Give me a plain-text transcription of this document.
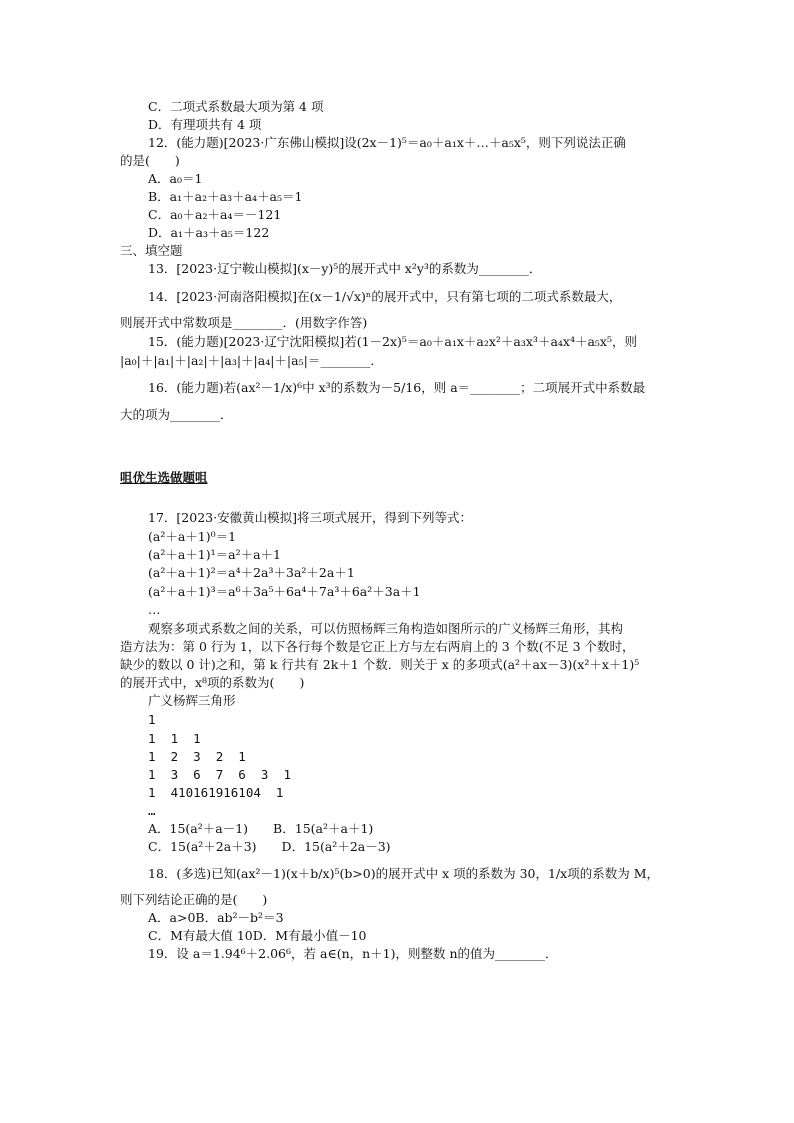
C．二项式系数最大项为第 4 项
D．有理项共有 4 项
12．(能力题)[2023·广东佛山模拟]设(2x－1)⁵＝a₀＋a₁x＋…＋a₅x⁵，则下列说法正确
的是(　　)
A．a₀＝1
B．a₁＋a₂＋a₃＋a₄＋a₅＝1
C．a₀＋a₂＋a₄＝－121
D．a₁＋a₃＋a₅＝122
三、填空题
13．[2023·辽宁鞍山模拟](x－y)⁵的展开式中 x²y³的系数为________．
14．[2023·河南洛阳模拟]在(x－1/√x)ⁿ的展开式中，只有第七项的二项式系数最大，
则展开式中常数项是________．(用数字作答)
15．(能力题)[2023·辽宁沈阳模拟]若(1－2x)⁵＝a₀＋a₁x＋a₂x²＋a₃x³＋a₄x⁴＋a₅x⁵，则
|a₀|＋|a₁|＋|a₂|＋|a₃|＋|a₄|＋|a₅|＝________．
16．(能力题)若(ax²－1/x)⁶中 x³的系数为－5/16，则 a＝________；二项展开式中系数最
大的项为________．
咀优生选做题咀
17．[2023·安徽黄山模拟]将三项式展开，得到下列等式：
(a²＋a＋1)⁰＝1
(a²＋a＋1)¹＝a²＋a＋1
(a²＋a＋1)²＝a⁴＋2a³＋3a²＋2a＋1
(a²＋a＋1)³＝a⁶＋3a⁵＋6a⁴＋7a³＋6a²＋3a＋1
…
观察多项式系数之间的关系，可以仿照杨辉三角构造如图所示的广义杨辉三角形，其构
造方法为：第 0 行为 1，以下各行每个数是它正上方与左右两肩上的 3 个数(不足 3 个数时，
缺少的数以 0 计)之和，第 k 行共有 2k＋1 个数．则关于 x 的多项式(a²＋ax－3)(x²＋x＋1)⁵
的展开式中，x⁸项的系数为(　　)
广义杨辉三角形
1
1  1  1
1  2  3  2  1
1  3  6  7  6  3  1
1  410161916104  1
…
A．15(a²＋a－1)　　B．15(a²＋a＋1)
C．15(a²＋2a＋3)　　D．15(a²＋2a－3)
18．(多选)已知(ax²－1)(x＋b/x)⁵(b>0)的展开式中 x 项的系数为 30，1/x项的系数为 M，
则下列结论正确的是(　　)
A．a>0B．ab²－b²＝3
C．M有最大值 10D．M有最小值－10
19．设 a＝1.94⁶＋2.06⁶，若 a∈(n，n＋1)，则整数 n的值为________．
